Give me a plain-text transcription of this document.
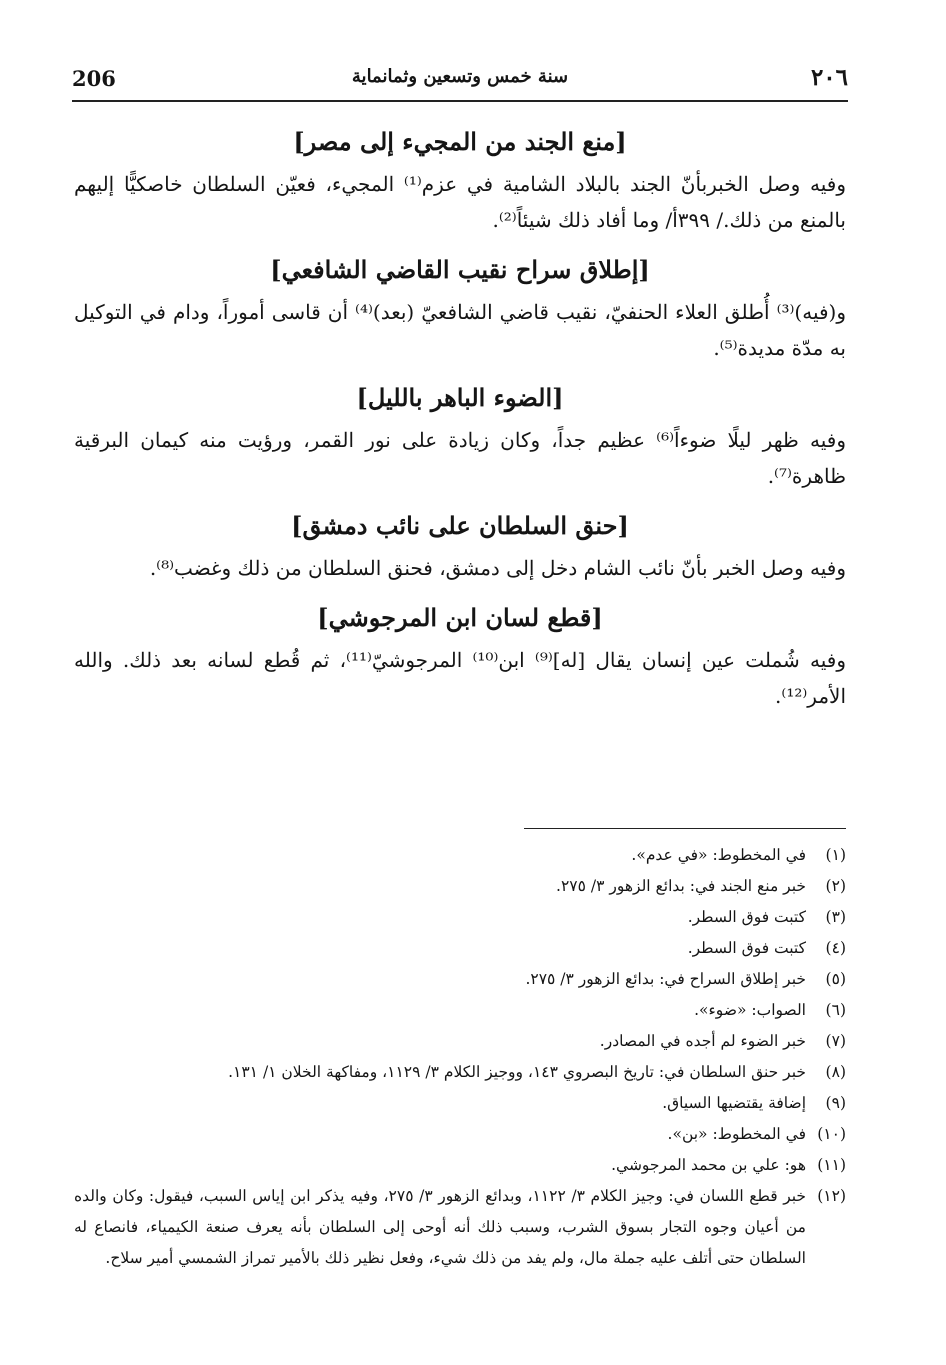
206	سنة خمس وتسعين وثمانماية	٢٠٦
[منع الجند من المجيء إلى مصر]

وفيه وصل الخبربأنّ الجند بالبلاد الشامية في عزم⁽¹⁾ المجيء، فعيّن السلطان خاصكيًّا إليهم بالمنع من ذلك./ ٣٩٩أ/ وما أفاد ذلك شيئاً⁽²⁾.

[إطلاق سراح نقيب القاضي الشافعي]

و(فيه)⁽³⁾ أُطلق العلاء الحنفيّ، نقيب قاضي الشافعيّ (بعد)⁽⁴⁾ أن قاسى أموراً، ودام في التوكيل به مدّة مديدة⁽⁵⁾.

[الضوء الباهر بالليل]

وفيه ظهر ليلًا ضوءاً⁽⁶⁾ عظيم جداً، وكان زيادة على نور القمر، ورؤيت منه كيمان البرقية ظاهرة⁽⁷⁾.

[حنق السلطان على نائب دمشق]

وفيه وصل الخبر بأنّ نائب الشام دخل إلى دمشق، فحنق السلطان من ذلك وغضب⁽⁸⁾.

[قطع لسان ابن المرجوشي]

وفيه شُملت عين إنسان يقال [له]⁽⁹⁾ ابن⁽¹⁰⁾ المرجوشيّ⁽¹¹⁾، ثم قُطع لسانه بعد ذلك. والله الأمر⁽¹²⁾.

(١)
في المخطوط: «في عدم».
(٢)
خبر منع الجند في: بدائع الزهور ٣/ ٢٧٥.
(٣)
كتبت فوق السطر.
(٤)
كتبت فوق السطر.
(٥)
خبر إطلاق السراح في: بدائع الزهور ٣/ ٢٧٥.
(٦)
الصواب: «ضوء».
(٧)
خبر الضوء لم أجده في المصادر.
(٨)
خبر حنق السلطان في: تاريخ البصروي ١٤٣، ووجيز الكلام ٣/ ١١٢٩، ومفاكهة الخلان ١/ ١٣١.
(٩)
إضافة يقتضيها السياق.
(١٠)
في المخطوط: «بن».
(١١)
هو: علي بن محمد المرجوشي.
(١٢)
خبر قطع اللسان في: وجيز الكلام ٣/ ١١٢٢، وبدائع الزهور ٣/ ٢٧٥، وفيه يذكر ابن إياس السبب، فيقول: وكان والده من أعيان وجوه التجار بسوق الشرب، وسبب ذلك أنه أوحى إلى السلطان بأنه يعرف صنعة الكيمياء، فانصاع له السلطان حتى أتلف عليه جملة مال، ولم يفد من ذلك شيء، وفعل نظير ذلك بالأمير تمراز الشمسي أمير سلاح.
